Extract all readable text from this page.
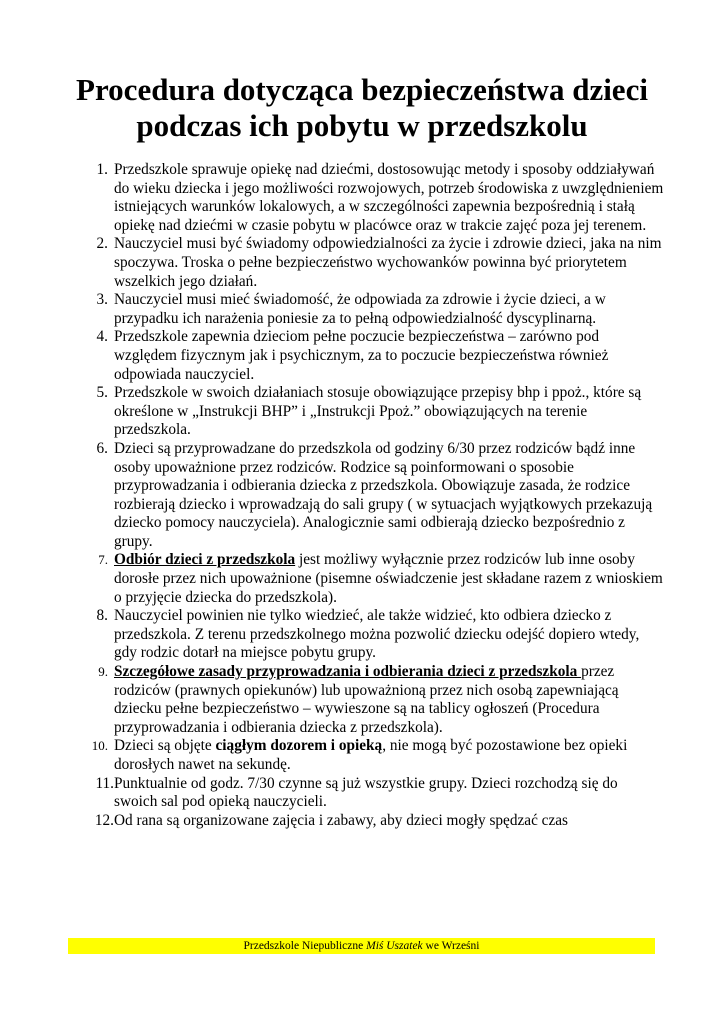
Procedura dotycząca bezpieczeństwa dzieci
podczas ich pobytu w przedszkolu
1. Przedszkole sprawuje opiekę nad dziećmi, dostosowując metody i sposoby oddziaływań do wieku dziecka i jego możliwości rozwojowych, potrzeb środowiska z uwzględnieniem istniejących warunków lokalowych, a w szczególności zapewnia bezpośrednią i stałą opiekę nad dziećmi w czasie pobytu w placówce oraz w trakcie zajęć poza jej terenem.
2. Nauczyciel musi być świadomy odpowiedzialności za życie i zdrowie dzieci, jaka na nim spoczywa. Troska o pełne bezpieczeństwo wychowanków powinna być priorytetem wszelkich jego działań.
3. Nauczyciel musi mieć świadomość, że odpowiada za zdrowie i życie dzieci, a w przypadku ich narażenia poniesie za to pełną odpowiedzialność dyscyplinarną.
4. Przedszkole zapewnia dzieciom pełne poczucie bezpieczeństwa – zarówno pod względem fizycznym jak i psychicznym, za to poczucie bezpieczeństwa również odpowiada nauczyciel.
5. Przedszkole w swoich działaniach stosuje obowiązujące przepisy bhp i ppoż., które są określone w „Instrukcji BHP” i „Instrukcji Ppoż.” obowiązujących na terenie przedszkola.
6. Dzieci są przyprowadzane do przedszkola od godziny 6/30 przez rodziców bądź inne osoby upoważnione przez rodziców. Rodzice są poinformowani o sposobie przyprowadzania i odbierania dziecka z przedszkola. Obowiązuje zasada, że rodzice rozbierają dziecko i wprowadzają do sali grupy ( w sytuacjach wyjątkowych przekazują dziecko pomocy nauczyciela). Analogicznie sami odbierają dziecko bezpośrednio z grupy.
7. Odbiór dzieci z przedszkola jest możliwy wyłącznie przez rodziców lub inne osoby dorosłe przez nich upoważnione (pisemne oświadczenie jest składane razem z wnioskiem o przyjęcie dziecka do przedszkola).
8. Nauczyciel powinien nie tylko wiedzieć, ale także widzieć, kto odbiera dziecko z przedszkola. Z terenu przedszkolnego można pozwolić dziecku odejść dopiero wtedy, gdy rodzic dotarł na miejsce pobytu grupy.
9. Szczegółowe zasady przyprowadzania i odbierania dzieci z przedszkola przez rodziców (prawnych opiekunów) lub upoważnioną przez nich osobą zapewniającą dziecku pełne bezpieczeństwo – wywieszone są na tablicy ogłoszeń (Procedura przyprowadzania i odbierania dziecka z przedszkola).
10. Dzieci są objęte ciągłym dozorem i opieką, nie mogą być pozostawione bez opieki dorosłych nawet na sekundę.
11. Punktualnie od godz. 7/30 czynne są już wszystkie grupy. Dzieci rozchodzą się do swoich sal pod opieką nauczycieli.
12. Od rana są organizowane zajęcia i zabawy, aby dzieci mogły spędzać czas
Przedszkole Niepubliczne Miś Uszatek we Wrześni
